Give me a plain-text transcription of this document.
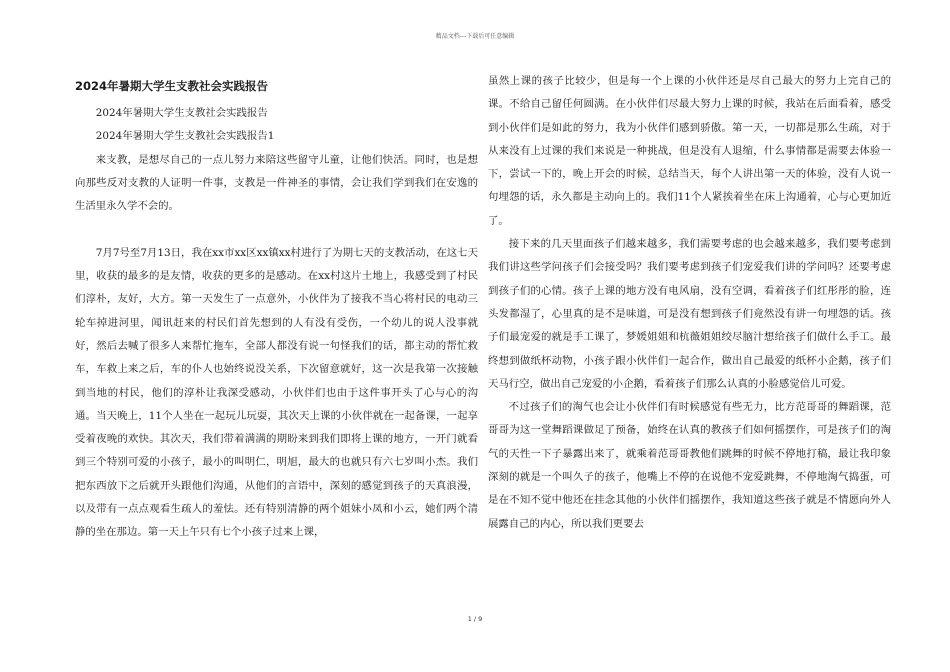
精品文档---下载后可任意编辑

2024年暑期大学生支教社会实践报告

2024年暑期大学生支教社会实践报告

2024年暑期大学生支教社会实践报告1

来支教，是想尽自己的一点儿努力来陪这些留守儿童，让他们快活。同时，也是想向那些反对支教的人证明一件事，支教是一件神圣的事情，会让我们学到我们在安逸的生活里永久学不会的。

7月7号至7月13日，我在xx市xx区xx镇xx村进行了为期七天的支教活动，在这七天里，收获的最多的是友情，收获的更多的是感动。在xx村这片土地上，我感受到了村民们淳朴，友好，大方。第一天发生了一点意外，小伙伴为了接我不当心将村民的电动三轮车掉进河里，闻讯赶来的村民们首先想到的人有没有受伤，一个幼儿的说人没事就好，然后去喊了很多人来帮忙拖车，全部人都没有说一句怪我们的话，都主动的帮忙救车，车救上来之后，车的仆人也始终说没关系，下次留意就好，这一次是我第一次接触到当地的村民，他们的淳朴让我深受感动，小伙伴们也由于这件事开头了心与心的沟通。当天晚上，11个人坐在一起玩儿玩耍，其次天上课的小伙伴就在一起备课，一起享受着夜晚的欢快。其次天，我们带着满满的期盼来到我们即将上课的地方，一开门就看到三个特别可爱的小孩子，最小的叫明仁，明旭，最大的也就只有六七岁叫小杰。我们把东西放下之后就开头跟他们沟通，从他们的言语中，深刻的感觉到孩子的天真浪漫，以及带有一点点观看生疏人的羞怯。还有特别清静的两个姐妹小凤和小云，她们两个清静的坐在那边。第一天上午只有七个小孩子过来上课，

虽然上课的孩子比较少，但是每一个上课的小伙伴还是尽自己最大的努力上完自己的课。不给自己留任何圆满。在小伙伴们尽最大努力上课的时候，我站在后面看着，感受到小伙伴们是如此的努力，我为小伙伴们感到骄傲。第一天，一切都是那么生疏，对于从来没有上过课的我们来说是一种挑战，但是没有人退缩，什么事情都是需要去体验一下，尝试一下的，晚上开会的时候，总结当天，每个人讲出第一天的体验，没有人说一句埋怨的话，永久都是主动向上的。我们11个人紧挨着坐在床上沟通着，心与心更加近了。

接下来的几天里面孩子们越来越多，我们需要考虑的也会越来越多，我们要考虑到我们讲这些学问孩子们会接受吗？我们要考虑到孩子们宠爱我们讲的学问吗？还要考虑到孩子们的心情。孩子上课的地方没有电风扇，没有空调，看着孩子们红彤彤的脸，连头发都湿了，心里真的是不是味道，可是没有想到孩子们竟然没有讲一句埋怨的话。孩子们最宠爱的就是手工课了，梦媛姐姐和杭薇姐姐绞尽脑汁想给孩子们做什么手工。最终想到做纸杯动物，小孩子跟小伙伴们一起合作，做出自己最爱的纸杯小企鹅，孩子们天马行空，做出自己宠爱的小企鹅，看着孩子们那么认真的小脸感觉倍儿可爱。

不过孩子们的淘气也会让小伙伴们有时候感觉有些无力，比方范哥哥的舞蹈课，范哥哥为这一堂舞蹈课做足了预备，始终在认真的教孩子们如何摇摆作，可是孩子们的淘气的天性一下子暴露出来了，就乘着范哥哥教他们跳舞的时候不停地打稿，最让我印象深刻的就是一个叫久子的孩子，他嘴上不停的在说他不宠爱跳舞，不停地淘气捣蛋，可是在不知不觉中他还在挂念其他的小伙伴们摇摆作，我知道这些孩子就是不情愿向外人展露自己的内心，所以我们更要去

1 / 9
